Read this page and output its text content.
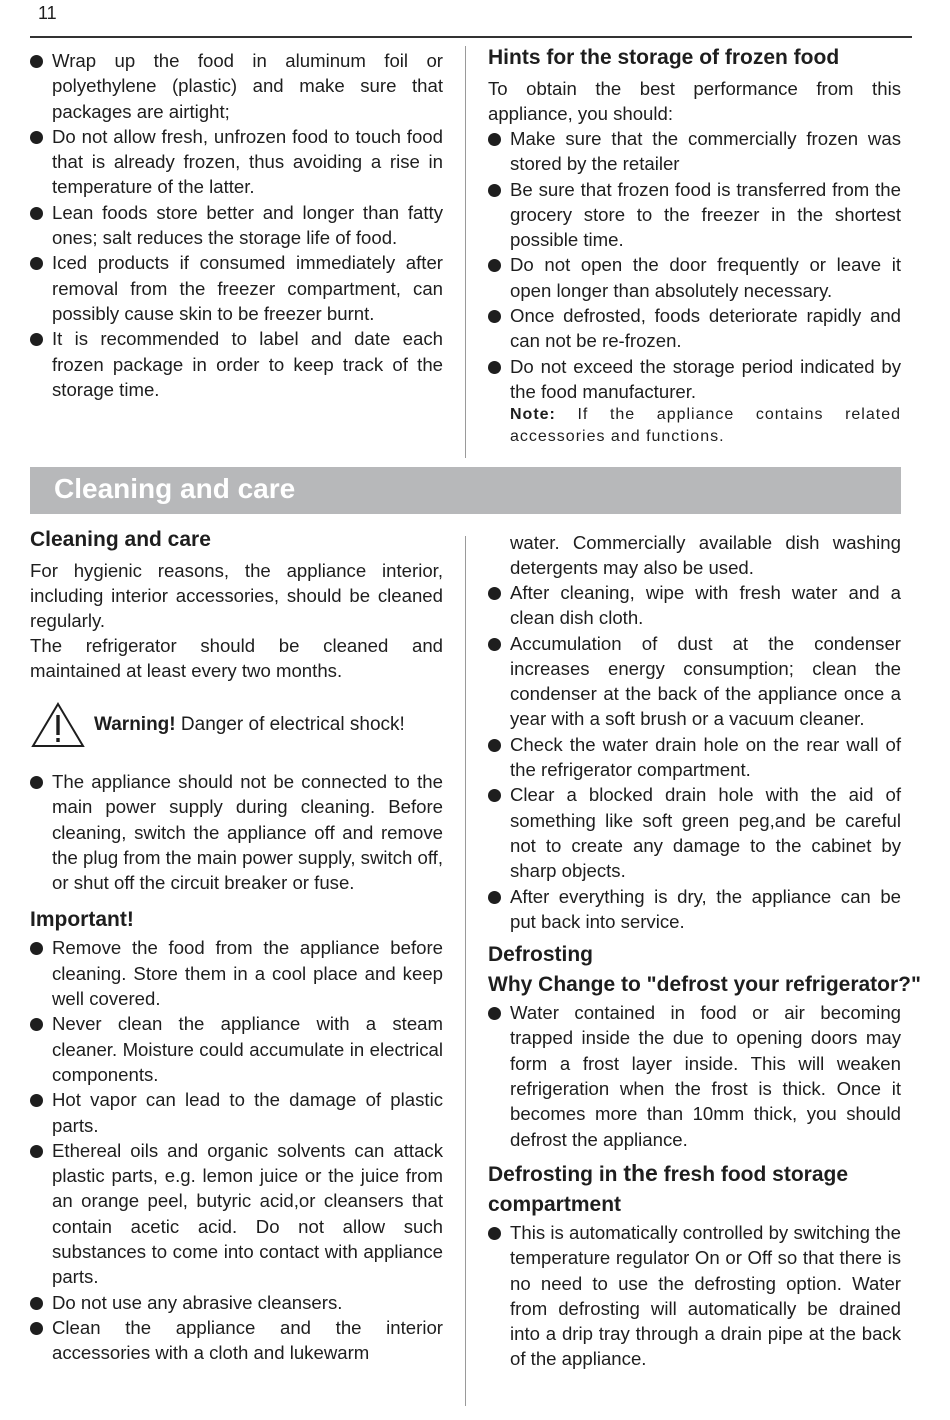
11
Wrap up the food in aluminum foil or polyethylene (plastic) and make sure that packages are airtight;
Do not allow fresh, unfrozen food to touch food that is already frozen, thus avoiding a rise in temperature of the latter.
Lean foods store better and longer than fatty ones; salt reduces the storage life of food.
Iced products if consumed immediately after removal from the freezer compartment, can possibly cause skin to be freezer burnt.
It is recommended to label and date each frozen package in order to keep track of the storage time.
Hints for the storage of frozen food

To obtain the best performance from this appliance, you should:

Make sure that the commercially frozen was stored by the retailer
Be sure that frozen food is transferred from the grocery store to the freezer in the shortest possible time.
Do not open the door frequently or leave it open longer than absolutely necessary.
Once defrosted, foods deteriorate rapidly and can not be re-frozen.
Do not exceed the storage period indicated by the food manufacturer.
Note: If the appliance contains related accessories and functions.
Cleaning and care
Cleaning and care

For hygienic reasons, the appliance interior, including interior accessories, should be cleaned regularly.

The refrigerator should be cleaned and maintained at least every two months.

Warning! Danger of electrical shock!
The appliance should not be connected to the main power supply during cleaning. Before cleaning, switch the appliance off and remove the plug from the main power supply, switch off, or shut off the circuit breaker or fuse.
Important!
Remove the food from the appliance before cleaning. Store them in a cool place and keep well covered.
Never clean the appliance with a steam cleaner. Moisture could accumulate in electrical components.
Hot vapor can lead to the damage of plastic parts.
Ethereal oils and organic solvents can attack plastic parts, e.g. lemon juice or the juice from an orange peel, butyric acid,or cleansers that contain acetic acid. Do not allow such substances to come into contact with appliance parts.
Do not use any abrasive cleansers.
Clean the appliance and the interior accessories with a cloth and lukewarm

water. Commercially available dish washing detergents may also be used.

After cleaning, wipe with fresh water and a clean dish cloth.
Accumulation of dust at the condenser increases energy consumption; clean the condenser at the back of the appliance once a year with a soft brush or a vacuum cleaner.
Check the water drain hole on the rear wall of the refrigerator compartment.
Clear a blocked drain hole with the aid of something like soft green peg,and be careful not to create any damage to the cabinet by sharp objects.
After everything is dry, the appliance can be put back into service.
Defrosting
Why Change to "defrost your refrigerator?"
Water contained in food or air becoming trapped inside the due to opening doors may form a frost layer inside. This will weaken refrigeration when the frost is thick. Once it becomes more than 10mm thick, you should defrost the appliance.
Defrosting in the fresh food storage compartment
This is automatically controlled by switching the temperature regulator On or Off so that there is no need to use the defrosting option. Water from defrosting will automatically be drained into a drip tray through a drain pipe at the back of the appliance.
